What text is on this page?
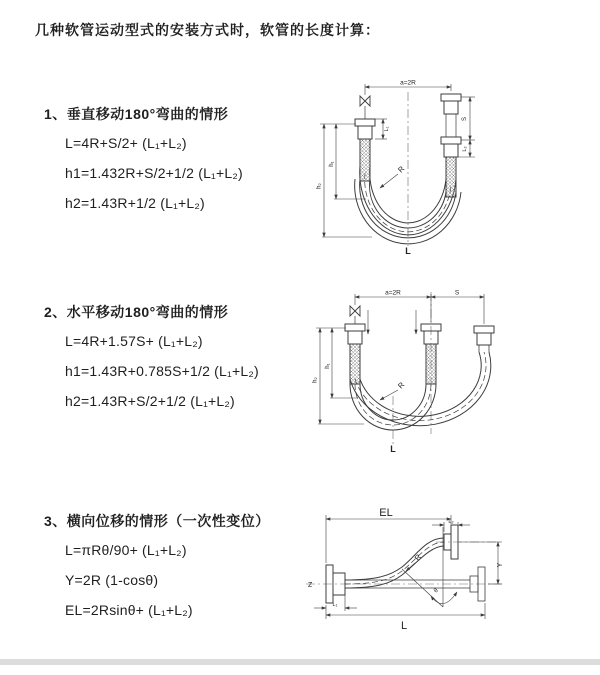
几种软管运动型式的安装方式时，软管的长度计算：
1、垂直移动180°弯曲的情形
L=4R+S/2+ (L₁+L₂)
h1=1.432R+S/2+1/2 (L₁+L₂)
h2=1.43R+1/2 (L₁+L₂)
2、水平移动180°弯曲的情形
L=4R+1.57S+ (L₁+L₂)
h1=1.43R+0.785S+1/2 (L₁+L₂)
h2=1.43R+S/2+1/2 (L₁+L₂)
3、横向位移的情形（一次性变位）
L=πRθ/90+ (L₁+L₂)
Y=2R (1-cosθ)
EL=2Rsinθ+ (L₁+L₂)
a=2R
h₂
h₁
L₁
S
L₂
R
L
a=2R	S
h₂
h₁
R
L
Z
EL
L₂
Y
θ
R
L₁
L
